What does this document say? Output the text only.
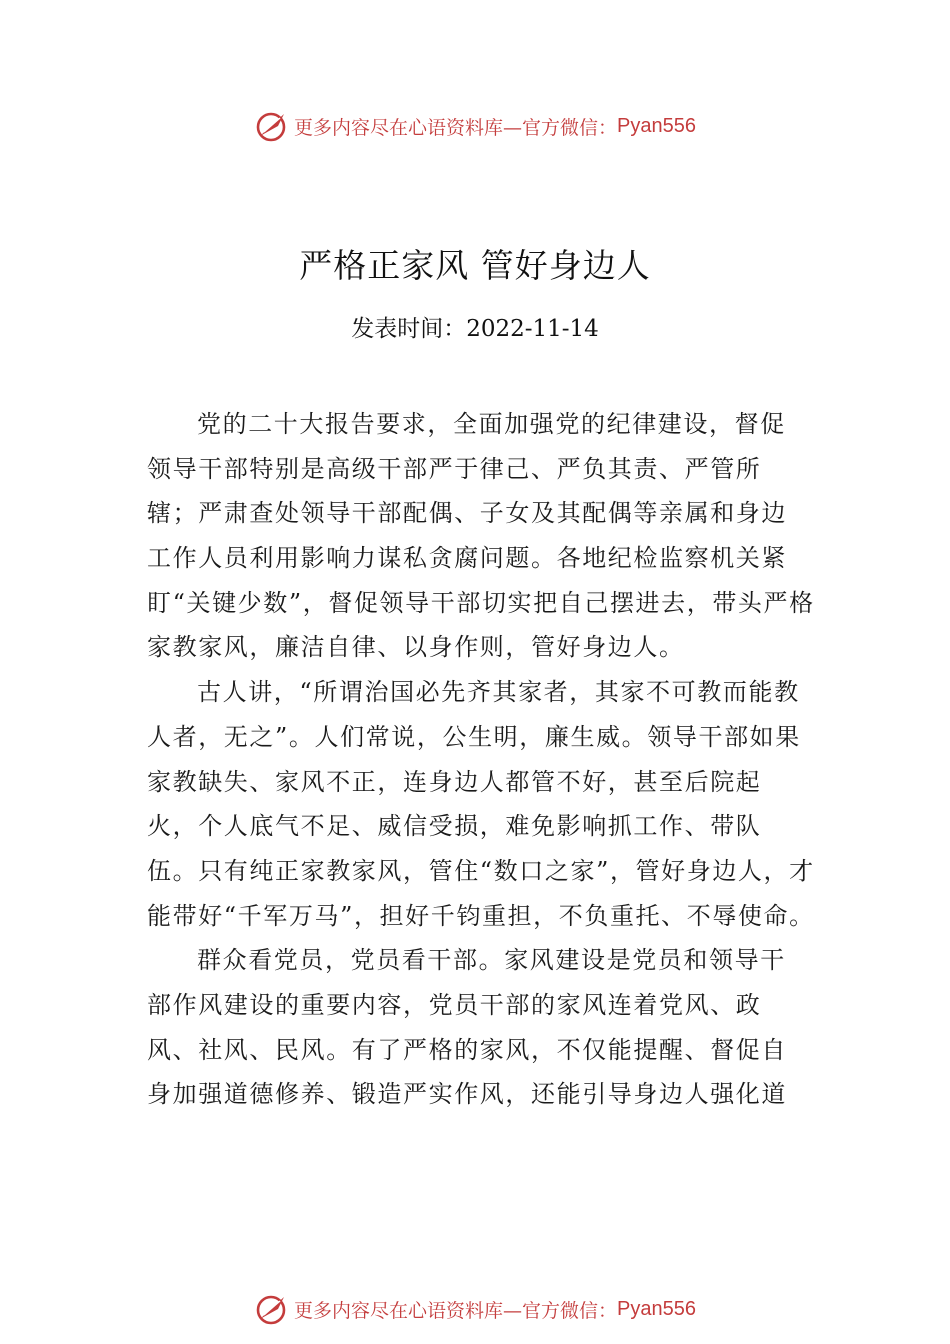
更多内容尽在心语资料库—官方微信： Pyan556
严格正家风 管好身边人
发表时间：2022-11-14
党的二十大报告要求，全面加强党的纪律建设，督促
领导干部特别是高级干部严于律己、严负其责、严管所
辖；严肃查处领导干部配偶、子女及其配偶等亲属和身边
工作人员利用影响力谋私贪腐问题。各地纪检监察机关紧
盯“关键少数”，督促领导干部切实把自己摆进去，带头严格
家教家风，廉洁自律、以身作则，管好身边人。
古人讲，“所谓治国必先齐其家者，其家不可教而能教
人者，无之”。人们常说，公生明，廉生威。领导干部如果
家教缺失、家风不正，连身边人都管不好，甚至后院起
火，个人底气不足、威信受损，难免影响抓工作、带队
伍。只有纯正家教家风，管住“数口之家”，管好身边人，才
能带好“千军万马”，担好千钧重担，不负重托、不辱使命。
群众看党员，党员看干部。家风建设是党员和领导干
部作风建设的重要内容，党员干部的家风连着党风、政
风、社风、民风。有了严格的家风，不仅能提醒、督促自
身加强道德修养、锻造严实作风，还能引导身边人强化道
更多内容尽在心语资料库—官方微信： Pyan556
